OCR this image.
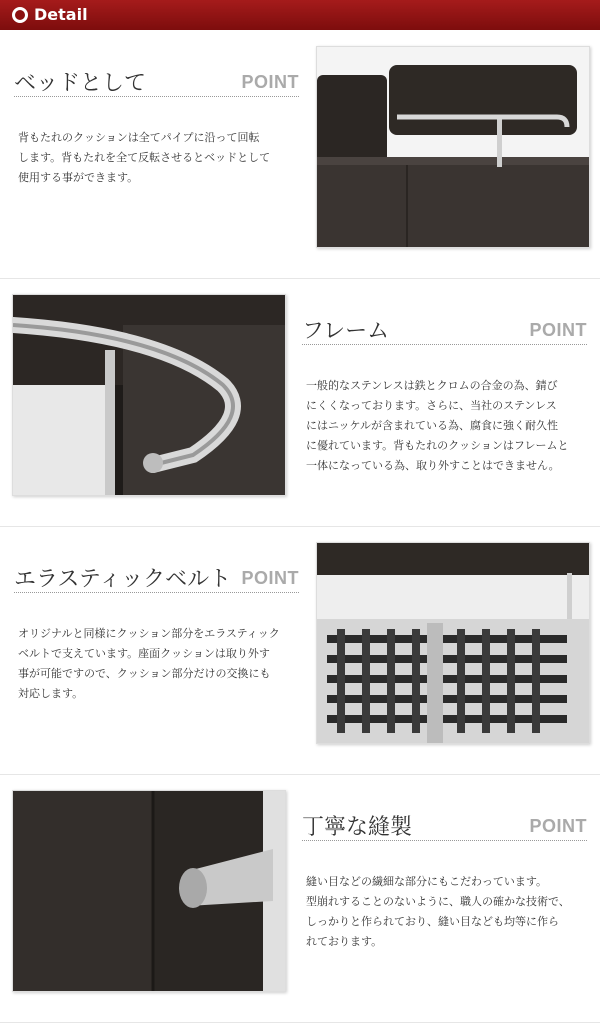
Detail
ベッドとして	POINT
背もたれのクッションは全てパイプに沿って回転
します。背もたれを全て反転させるとベッドとして
使用する事ができます。
フレーム	POINT
一般的なステンレスは鉄とクロムの合金の為、錆び
にくくなっております。さらに、当社のステンレス
にはニッケルが含まれている為、腐食に強く耐久性
に優れています。背もたれのクッションはフレームと
一体になっている為、取り外すことはできません。
エラスティックベルト POINT
オリジナルと同様にクッション部分をエラスティック
ベルトで支えています。座面クッションは取り外す
事が可能ですので、クッション部分だけの交換にも
対応します。
丁寧な縫製	POINT
縫い目などの繊細な部分にもこだわっています。
型崩れすることのないように、職人の確かな技術で、
しっかりと作られており、縫い目なども均等に作ら
れております。
